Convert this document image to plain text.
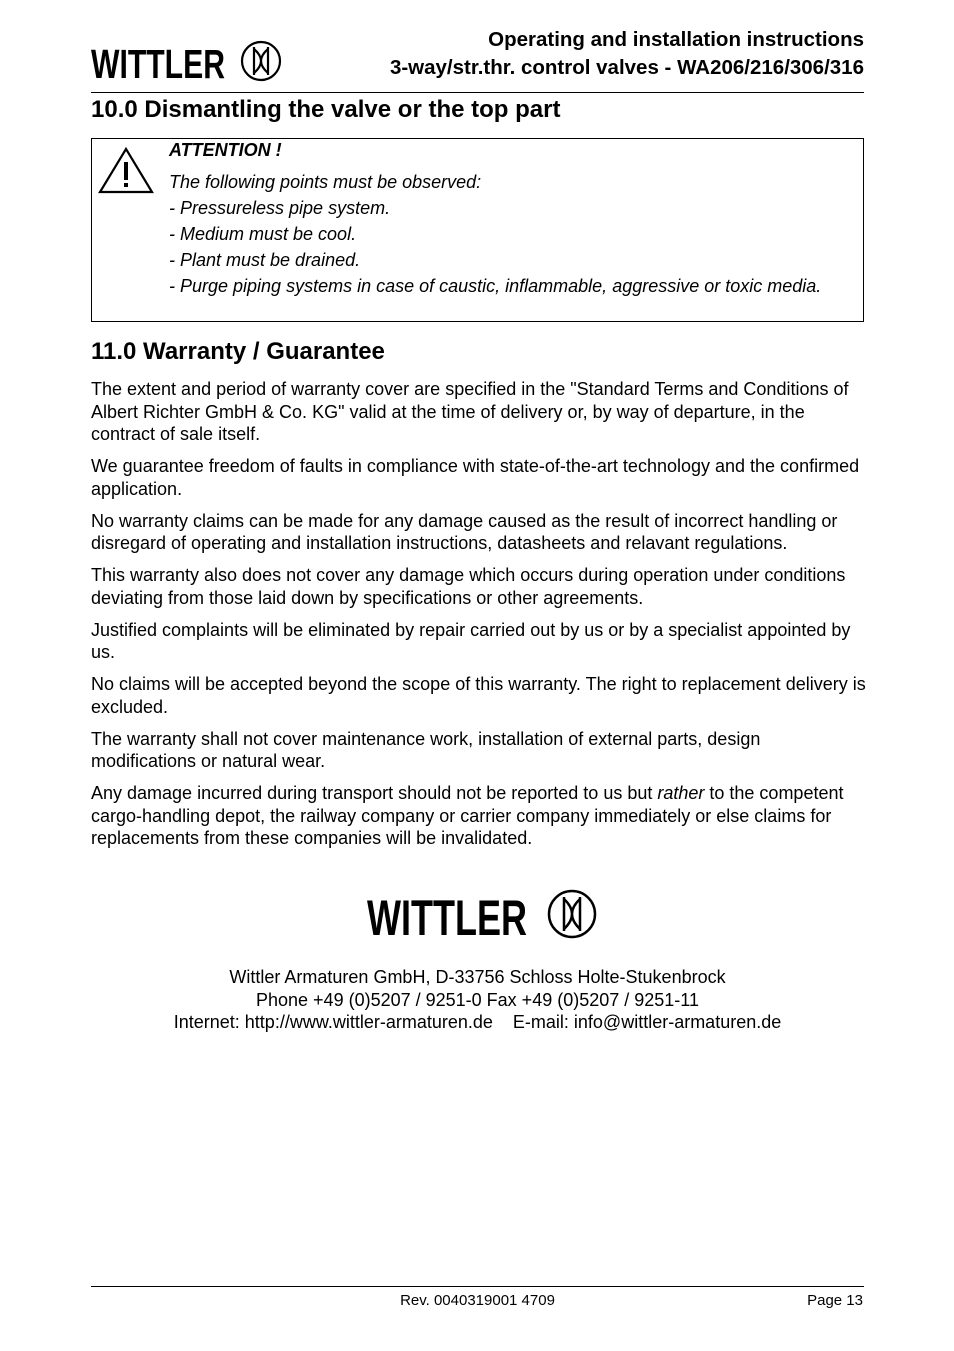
WITTLER
Operating and installation instructions
3-way/str.thr. control valves - WA206/216/306/316
10.0 Dismantling the valve or the top part
ATTENTION !
The following points must be observed:
- Pressureless pipe system.
- Medium must be cool.
- Plant must be drained.
- Purge piping systems in case of caustic, inflammable, aggressive or toxic media.
11.0 Warranty / Guarantee

The extent and period of warranty cover are specified in the "Standard Terms and Conditions of Albert Richter GmbH & Co. KG" valid at the time of delivery or, by way of departure, in the contract of sale itself.

We guarantee freedom of faults in compliance with state-of-the-art technology and the confirmed application.

No warranty claims can be made for any damage caused as the result of incorrect handling or disregard of operating and installation instructions, datasheets and relavant regulations.

This warranty also does not cover any damage which occurs during operation under conditions deviating from those laid down by specifications or other agreements.

Justified complaints will be eliminated by repair carried out by us or by a specialist appointed by us.

No claims will be accepted beyond the scope of this warranty. The right to replacement delivery is excluded.

The warranty shall not cover maintenance work, installation of external parts, design modifications or natural wear.

Any damage incurred during transport should not be reported to us but rather to the competent cargo-handling depot, the railway company or carrier company immediately or else claims for replacements from these companies will be invalidated.

WITTLER
Wittler Armaturen GmbH, D-33756 Schloss Holte-Stukenbrock
Phone +49 (0)5207 / 9251-0 Fax +49 (0)5207 / 9251-11
Internet: http://www.wittler-armaturen.de E-mail: info@wittler-armaturen.de
Rev. 0040319001 4709	Page 13
